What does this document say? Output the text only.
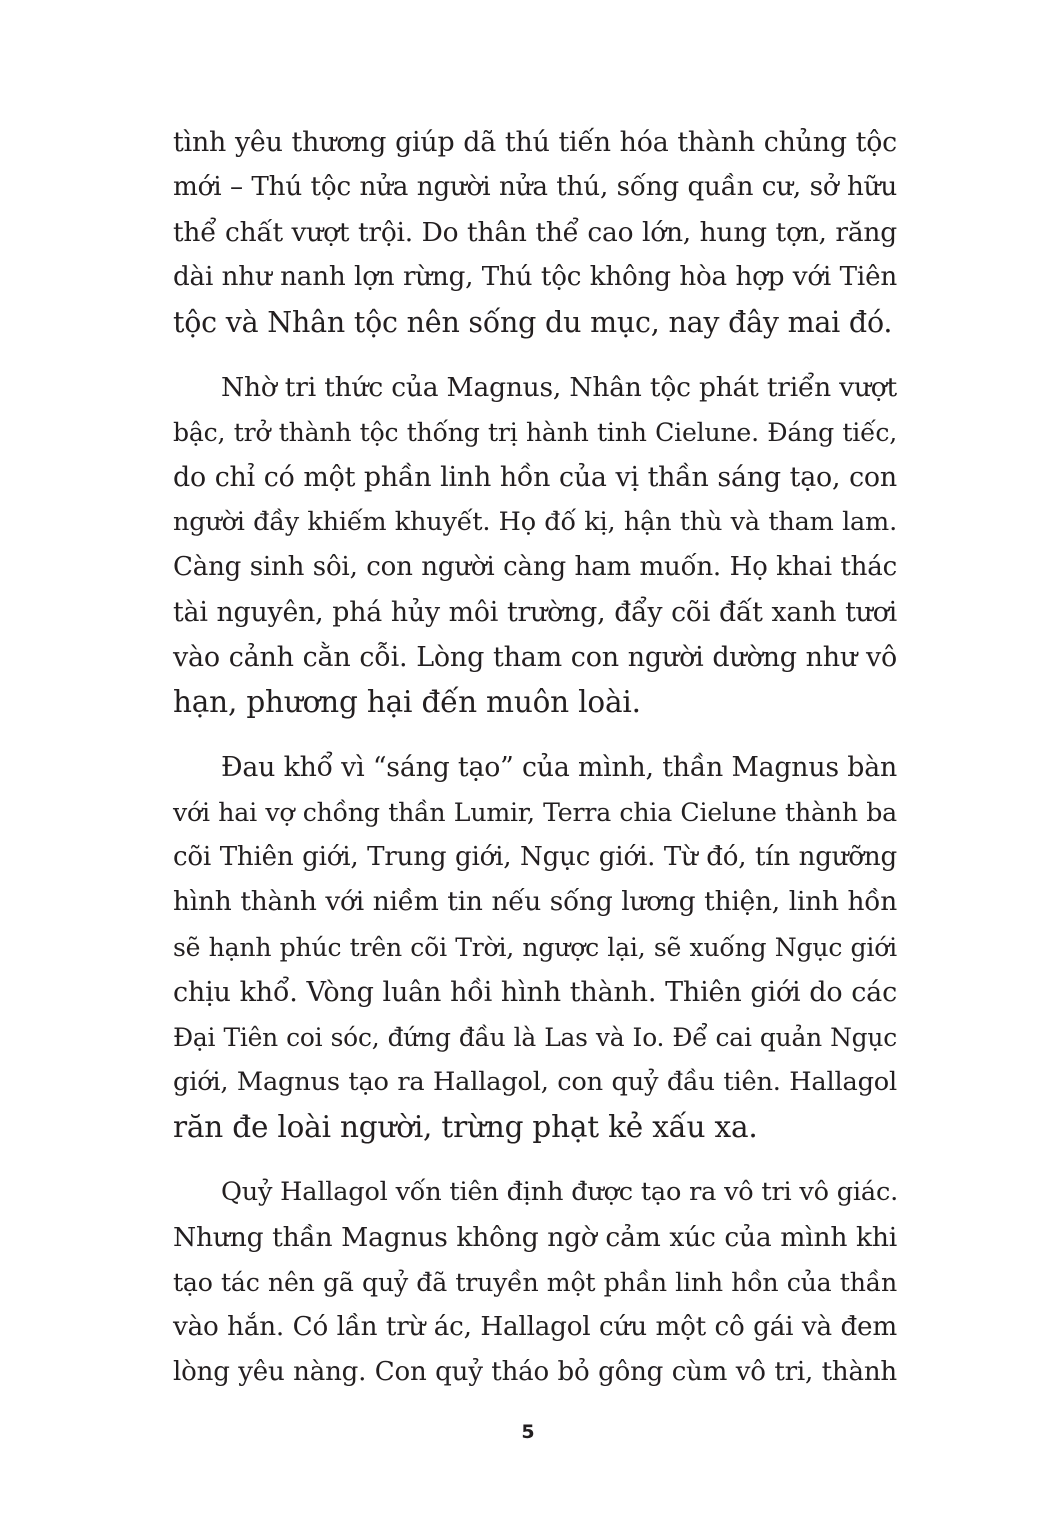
tình yêu thương giúp dã thú tiến hóa thành chủng tộc
mới – Thú tộc nửa người nửa thú, sống quần cư, sở hữu
thể chất vượt trội. Do thân thể cao lớn, hung tợn, răng
dài như nanh lợn rừng, Thú tộc không hòa hợp với Tiên
tộc và Nhân tộc nên sống du mục, nay đây mai đó.

Nhờ tri thức của Magnus, Nhân tộc phát triển vượt
bậc, trở thành tộc thống trị hành tinh Cielune. Đáng tiếc,
do chỉ có một phần linh hồn của vị thần sáng tạo, con
người đầy khiếm khuyết. Họ đố kị, hận thù và tham lam.
Càng sinh sôi, con người càng ham muốn. Họ khai thác
tài nguyên, phá hủy môi trường, đẩy cõi đất xanh tươi
vào cảnh cằn cỗi. Lòng tham con người dường như vô
hạn, phương hại đến muôn loài.

Đau khổ vì “sáng tạo” của mình, thần Magnus bàn
với hai vợ chồng thần Lumir, Terra chia Cielune thành ba
cõi Thiên giới, Trung giới, Ngục giới. Từ đó, tín ngưỡng
hình thành với niềm tin nếu sống lương thiện, linh hồn
sẽ hạnh phúc trên cõi Trời, ngược lại, sẽ xuống Ngục giới
chịu khổ. Vòng luân hồi hình thành. Thiên giới do các
Đại Tiên coi sóc, đứng đầu là Las và Io. Để cai quản Ngục
giới, Magnus tạo ra Hallagol, con quỷ đầu tiên. Hallagol
răn đe loài người, trừng phạt kẻ xấu xa.

Quỷ Hallagol vốn tiên định được tạo ra vô tri vô giác.
Nhưng thần Magnus không ngờ cảm xúc của mình khi
tạo tác nên gã quỷ đã truyền một phần linh hồn của thần
vào hắn. Có lần trừ ác, Hallagol cứu một cô gái và đem
lòng yêu nàng. Con quỷ tháo bỏ gông cùm vô tri, thành

5
